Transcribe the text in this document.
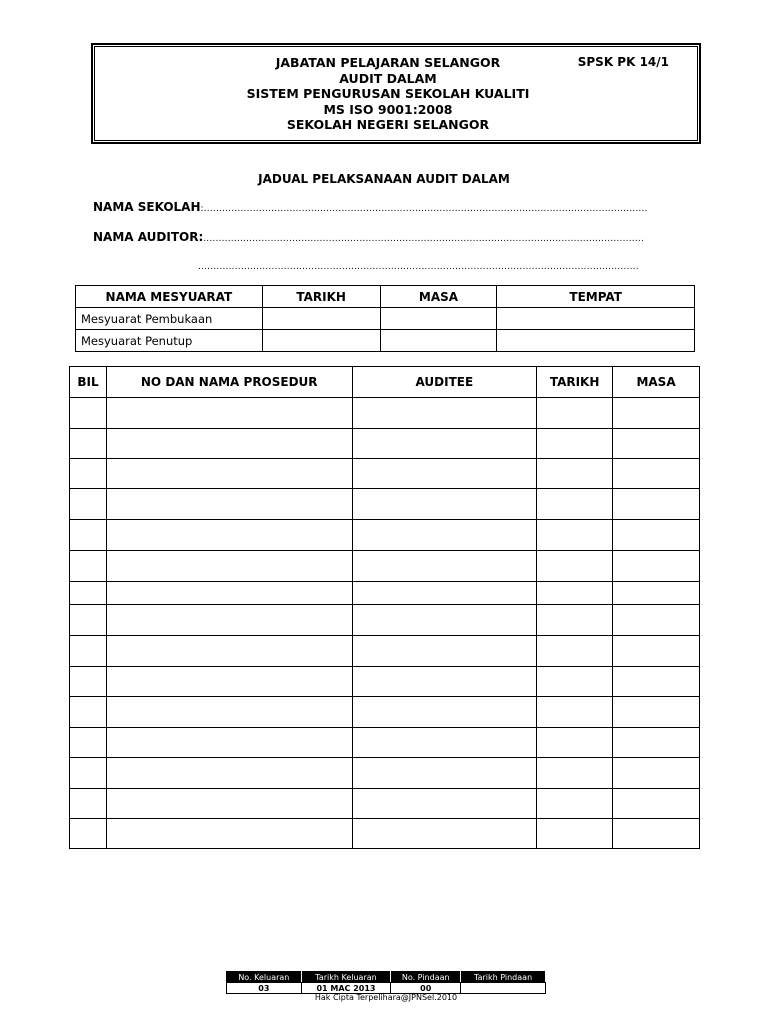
JABATAN PELAJARAN SELANGOR
AUDIT DALAM
SISTEM PENGURUSAN SEKOLAH KUALITI
MS ISO 9001:2008
SEKOLAH NEGERI SELANGOR
SPSK PK 14/1
JADUAL PELAKSANAAN AUDIT DALAM
NAMA SEKOLAH:.................................................................................................................................................
NAMA AUDITOR:................................................................................................................................................
................................................................................................................................................
NAMA MESYUARAT	TARIKH	MASA	TEMPAT
Mesyuarat Pembukaan			
Mesyuarat Penutup			
BIL	NO DAN NAMA PROSEDUR	AUDITEE	TARIKH	MASA

No. Keluaran	Tarikh Keluaran	No. Pindaan	Tarikh Pindaan
03	01 MAC 2013	00	
Hak Cipta Terpelihara@JPNSel.2010
